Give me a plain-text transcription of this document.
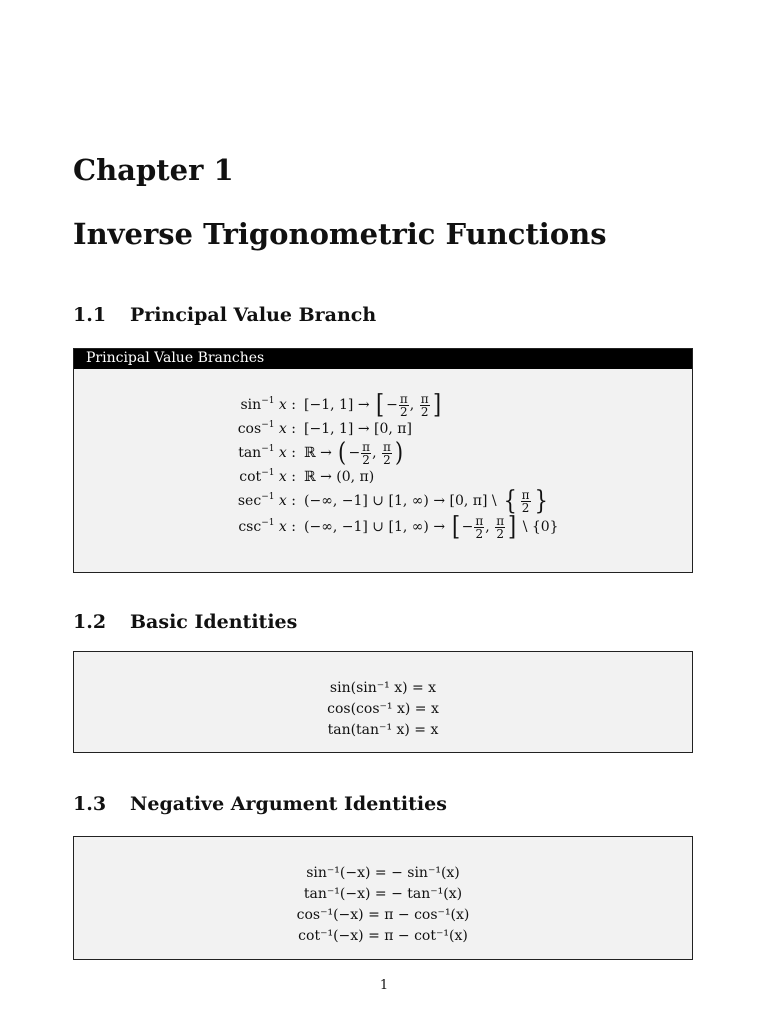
Chapter 1
Inverse Trigonometric Functions
1.1 Principal Value Branch
Principal Value Branches
$\sin^{-1} x$ : [−1, 1] →
[ − $\frac{\pi}{2}$ , $\frac{\pi}{2}$ ]
$\cos^{-1} x$ : [−1, 1] → [0, π]
$\tan^{-1} x$ : ℝ →
( − $\frac{\pi}{2}$ , $\frac{\pi}{2}$ )
$\cot^{-1} x$ : ℝ → (0, π)
$\sec^{-1} x$ : (−∞, −1] ∪ [1, ∞) → [0, π] \
{ $\frac{\pi}{2}$ }
$\csc^{-1} x$ : (−∞, −1] ∪ [1, ∞) →
[ − $\frac{\pi}{2}$ , $\frac{\pi}{2}$ ]
\ {0}
1.2 Basic Identities
sin(sin⁻¹ x) = x
cos(cos⁻¹ x) = x
tan(tan⁻¹ x) = x
1.3 Negative Argument Identities
sin⁻¹(−x) = − sin⁻¹(x)
tan⁻¹(−x) = − tan⁻¹(x)
cos⁻¹(−x) = π − cos⁻¹(x)
cot⁻¹(−x) = π − cot⁻¹(x)
1
